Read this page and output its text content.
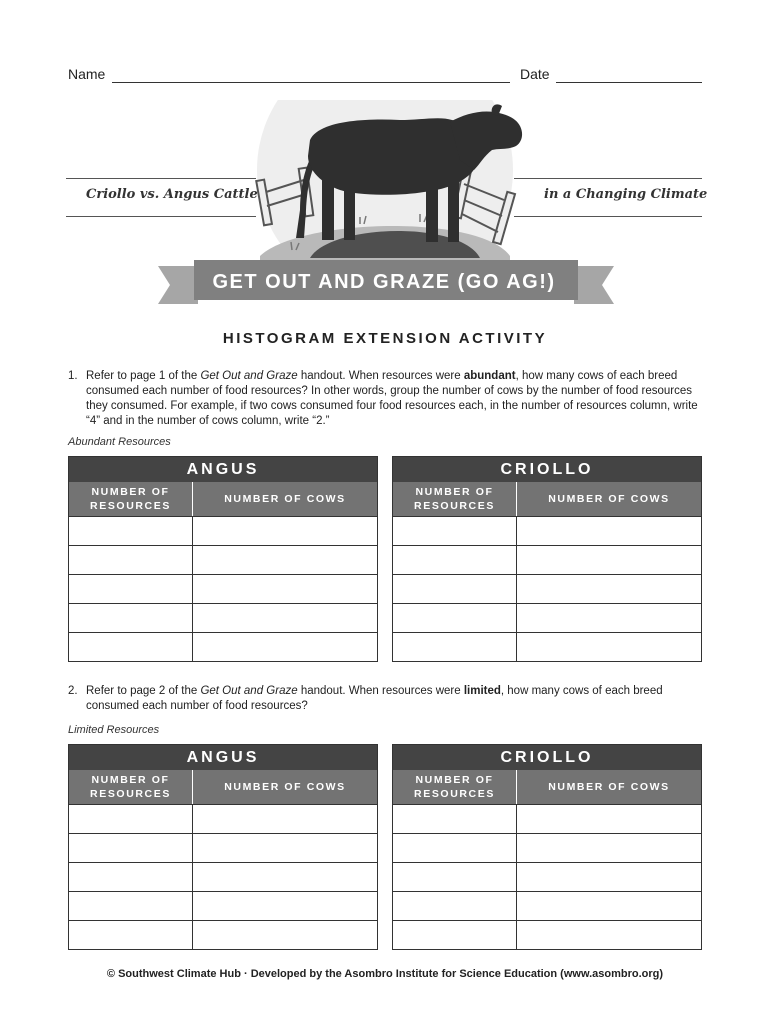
Name	Date
Criollo vs. Angus Cattle	in a Changing Climate
GET OUT AND GRAZE (GO AG!)
HISTOGRAM EXTENSION ACTIVITY
1. Refer to page 1 of the Get Out and Graze handout. When resources were abundant, how many cows of each breed consumed each number of food resources? In other words, group the number of cows by the number of food resources they consumed. For example, if two cows consumed four food resources each, in the number of resources column, write “4” and in the number of cows column, write “2.”
Abundant Resources
ANGUS
NUMBER OF RESOURCES
NUMBER OF COWS
CRIOLLO
NUMBER OF RESOURCES
NUMBER OF COWS
2. Refer to page 2 of the Get Out and Graze handout. When resources were limited, how many cows of each breed consumed each number of food resources?
Limited Resources
ANGUS
NUMBER OF RESOURCES
NUMBER OF COWS
CRIOLLO
NUMBER OF RESOURCES
NUMBER OF COWS
© Southwest Climate Hub · Developed by the Asombro Institute for Science Education (www.asombro.org)
